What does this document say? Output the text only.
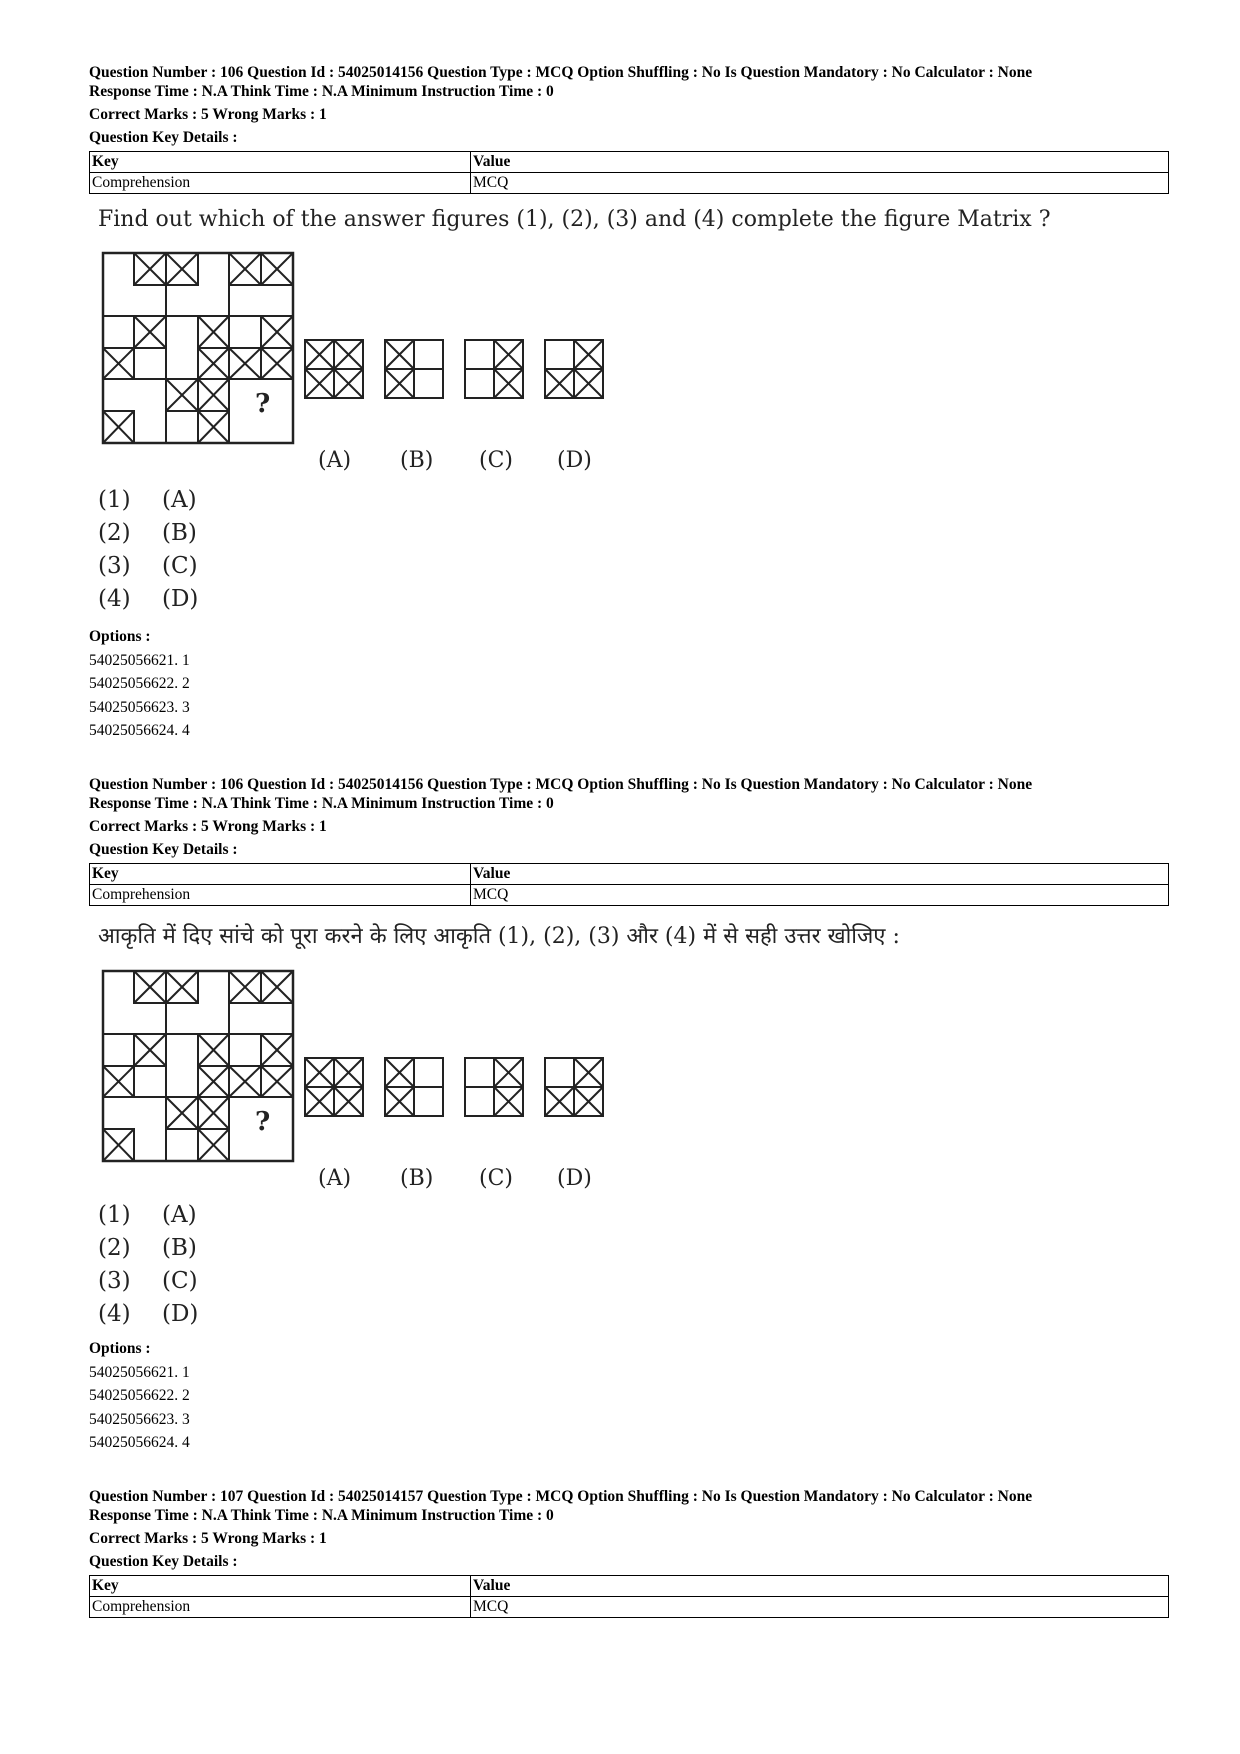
Question Number : 106 Question Id : 54025014156 Question Type : MCQ Option Shuffling : No Is Question Mandatory : No Calculator : None

Response Time : N.A Think Time : N.A Minimum Instruction Time : 0

Correct Marks : 5 Wrong Marks : 1

Question Key Details :

Key	Value
Comprehension	MCQ
Find out which of the answer figures (1), (2), (3) and (4) complete the figure Matrix ?
?
(A) (B) (C) (D)
(1) (A)
(2) (B)
(3) (C)
(4) (D)
Options :
54025056621. 1
54025056622. 2
54025056623. 3
54025056624. 4

Question Number : 106 Question Id : 54025014156 Question Type : MCQ Option Shuffling : No Is Question Mandatory : No Calculator : None

Response Time : N.A Think Time : N.A Minimum Instruction Time : 0

Correct Marks : 5 Wrong Marks : 1

Question Key Details :

Key	Value
Comprehension	MCQ
आकृति में दिए सांचे को पूरा करने के लिए आकृति (1), (2), (3) और (4) में से सही उत्तर खोजिए :
?
(A) (B) (C) (D)
(1) (A)
(2) (B)
(3) (C)
(4) (D)
Options :
54025056621. 1
54025056622. 2
54025056623. 3
54025056624. 4

Question Number : 107 Question Id : 54025014157 Question Type : MCQ Option Shuffling : No Is Question Mandatory : No Calculator : None

Response Time : N.A Think Time : N.A Minimum Instruction Time : 0

Correct Marks : 5 Wrong Marks : 1

Question Key Details :

Key	Value
Comprehension	MCQ
